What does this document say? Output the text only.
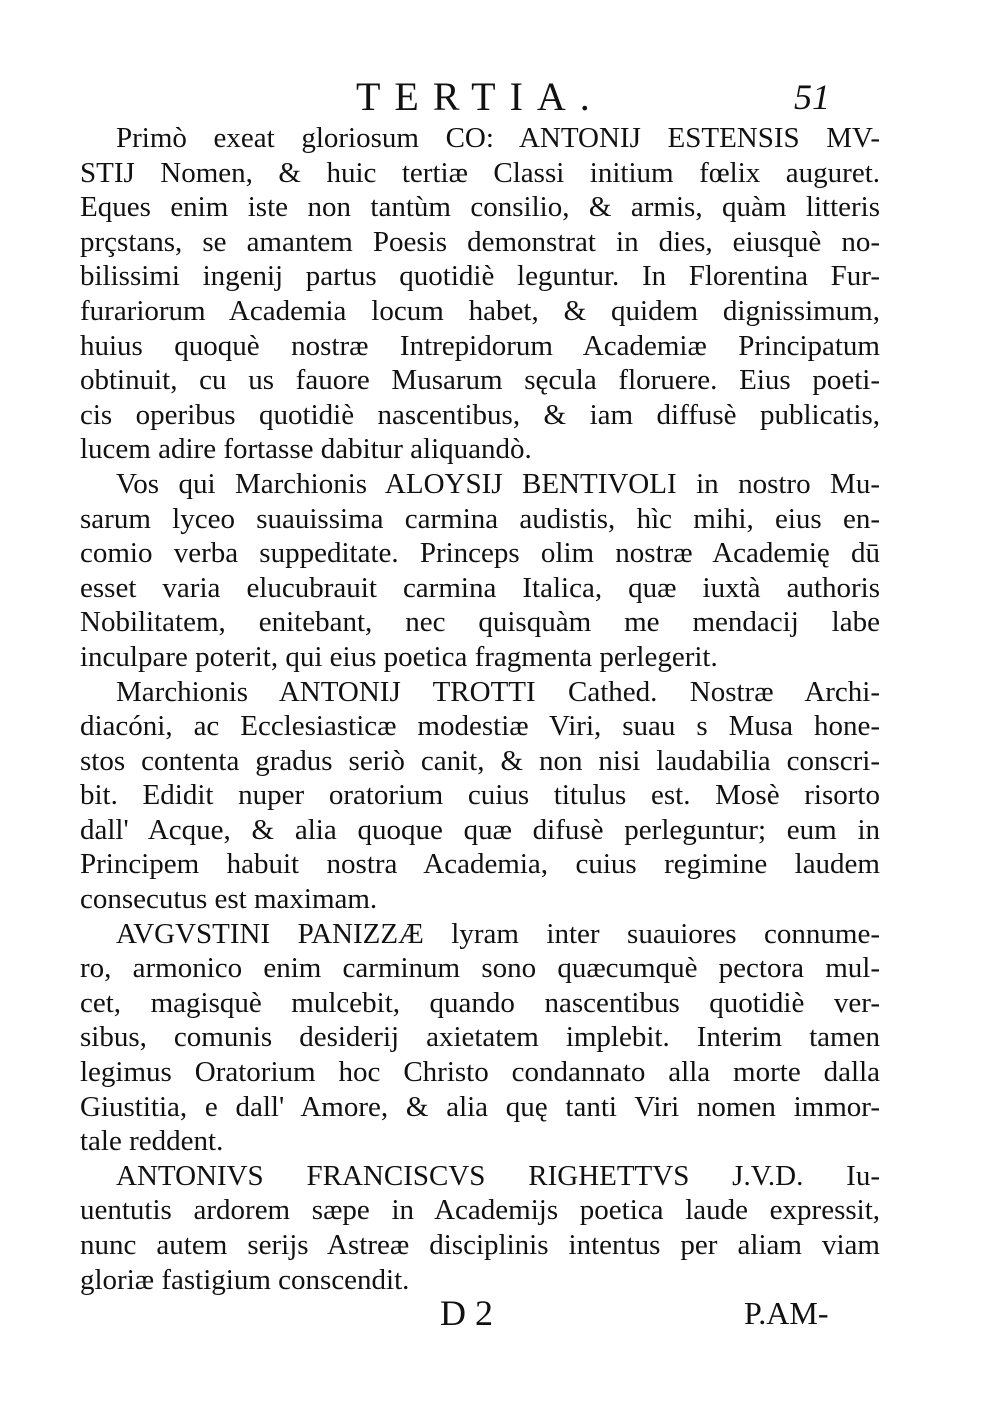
TERTIA.	51
Primò exeat gloriosum CO: ANTONIJ ESTENSIS MV-
STIJ Nomen, & huic tertiæ Classi initium fœlix auguret.
Eques enim iste non tantùm consilio, & armis, quàm litteris
prçstans, se amantem Poesis demonstrat in dies, eiusquè no-
bilissimi ingenij partus quotidiè leguntur. In Florentina Fur-
furariorum Academia locum habet, & quidem dignissimum,
huius quoquè nostræ Intrepidorum Academiæ Principatum
obtinuit, cu us fauore Musarum sęcula floruere. Eius poeti-
cis operibus quotidiè nascentibus, & iam diffusè publicatis,
lucem adire fortasse dabitur aliquandò.
Vos qui Marchionis ALOYSIJ BENTIVOLI in nostro Mu-
sarum lyceo suauissima carmina audistis, hìc mihi, eius en-
comio verba suppeditate. Princeps olim nostræ Academię dū
esset varia elucubrauit carmina Italica, quæ iuxtà authoris
Nobilitatem, enitebant, nec quisquàm me mendacij labe
inculpare poterit, qui eius poetica fragmenta perlegerit.
Marchionis ANTONIJ TROTTI Cathed. Nostræ Archi-
diacóni, ac Ecclesiasticæ modestiæ Viri, suau s Musa hone-
stos contenta gradus seriò canit, & non nisi laudabilia conscri-
bit. Edidit nuper oratorium cuius titulus est. Mosè risorto
dall' Acque, & alia quoque quæ difusè perleguntur; eum in
Principem habuit nostra Academia, cuius regimine laudem
consecutus est maximam.
AVGVSTINI PANIZZÆ lyram inter suauiores connume-
ro, armonico enim carminum sono quæcumquè pectora mul-
cet, magisquè mulcebit, quando nascentibus quotidiè ver-
sibus, comunis desiderij axietatem implebit. Interim tamen
legimus Oratorium hoc Christo condannato alla morte dalla
Giustitia, e dall' Amore, & alia quę tanti Viri nomen immor-
tale reddent.
ANTONIVS FRANCISCVS RIGHETTVS J.V.D. Iu-
uentutis ardorem sæpe in Academijs poetica laude expressit,
nunc autem serijs Astreæ disciplinis intentus per aliam viam
gloriæ fastigium conscendit.
D 2	P.AM-
